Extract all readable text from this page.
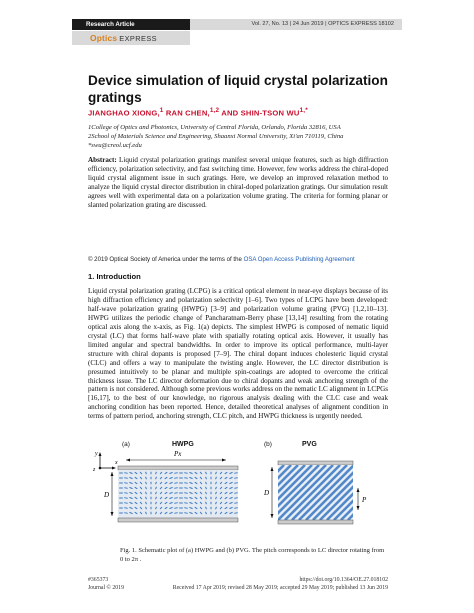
Research Article	Vol. 27, No. 13 | 24 Jun 2019 | OPTICS EXPRESS 18102
Optics EXPRESS
Device simulation of liquid crystal polarization gratings
JIANGHAO XIONG,$^1$ RAN CHEN,$^{1,2}$ AND SHIN-TSON $WU^{1,*}$
1College of Optics and Photonics, University of Central Florida, Orlando, Florida 32816, USA
2School of Materials Science and Engineering, Shaanxi Normal University, Xi'an 710119, China
*swu@creol.ucf.edu
Abstract: Liquid crystal polarization gratings manifest several unique features, such as high diffraction efficiency, polarization selectivity, and fast switching time. However, few works address the chiral-doped liquid crystal alignment issue in such gratings. Here, we develop an improved relaxation method to analyze the liquid crystal director distribution in chiral-doped polarization gratings. Our simulation result agrees well with experimental data on a polarization volume grating. The criteria for forming planar or slanted polarization grating are discussed.
© 2019 Optical Society of America under the terms of the OSA Open Access Publishing Agreement
1. Introduction
Liquid crystal polarization grating (LCPG) is a critical optical element in near-eye displays because of its high diffraction efficiency and polarization selectivity [1–6]. Two types of LCPG have been developed: half-wave polarization grating (HWPG) [3–9] and polarization volume grating (PVG) [1,2,10–13]. HWPG utilizes the periodic change of Pancharatnam-Berry phase [13,14] resulting from the rotating optical axis along the x-axis, as Fig. 1(a) depicts. The simplest HWPG is composed of nematic liquid crystal (LC) that forms half-wave plate with spatially rotating optical axis. However, it usually has limited angular and spectral bandwidths. In order to improve its optical performance, multi-layer structure with chiral dopants is proposed [7–9]. The chiral dopant induces cholesteric liquid crystal (CLC) and offers a way to manipulate the twisting angle. However, the LC director distribution is presumed intuitively to be planar and multiple spin-coatings are adopted to overcome the critical thickness issue. The LC director deformation due to chiral dopants and weak anchoring strength of the pattern is not considered. Although some previous works address on the nematic LC alignment in LCPGs [16,17], to the best of our knowledge, no rigorous analysis dealing with the CLC case and weak anchoring condition has been reported. Hence, detailed theoretical analyses of alignment condition in terms of pattern period, anchoring strength, CLC pitch, and HWPG thickness is urgently needed.
(a)	HWPG	(b)	PVG
y
z
x
Px
D	D
P
Fig. 1. Schematic plot of (a) HWPG and (b) PVG. The pitch corresponds to LC director rotating from 0 to 2π .
#365373
Journal © 2019
https://doi.org/10.1364/OE.27.018102
Received 17 Apr 2019; revised 28 May 2019; accepted 29 May 2019; published 13 Jun 2019
